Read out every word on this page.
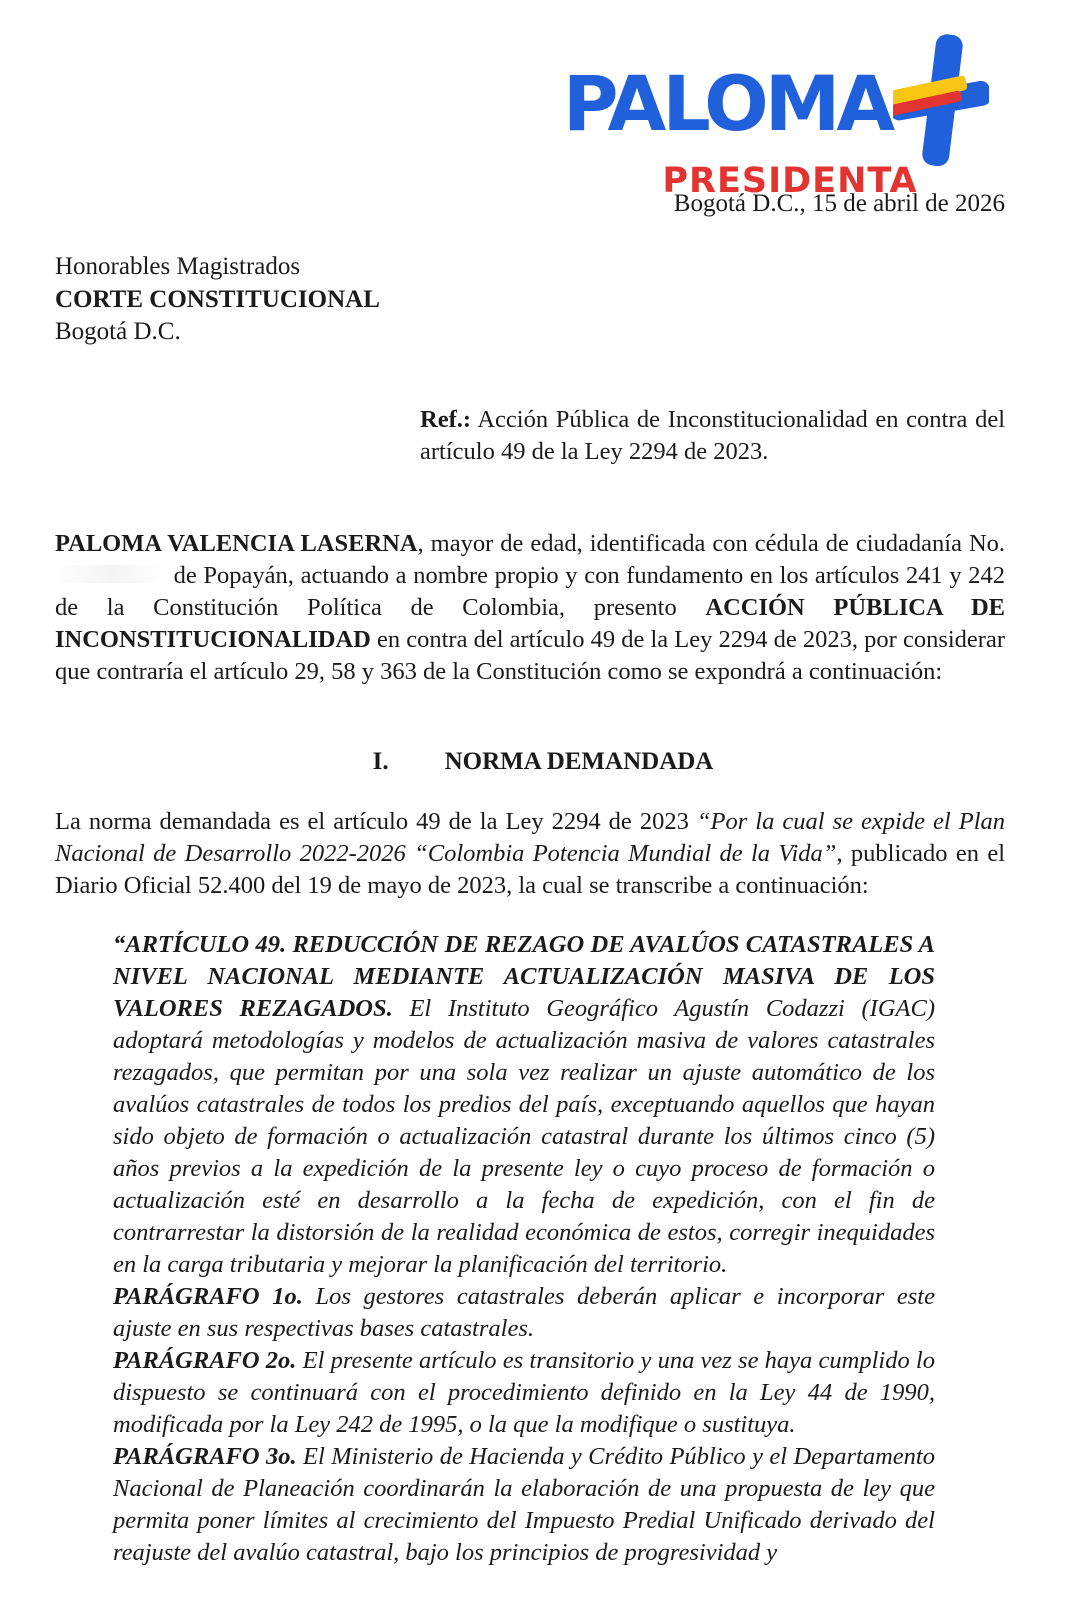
PALOMA
PRESIDENTA
Bogotá D.C., 15 de abril de 2026
Honorables Magistrados
CORTE CONSTITUCIONAL
Bogotá D.C.
Ref.: Acción Pública de Inconstitucionalidad en contra del artículo 49 de la Ley 2294 de 2023.

PALOMA VALENCIA LASERNA, mayor de edad, identificada con cédula de ciudadanía No.  de Popayán, actuando a nombre propio y con fundamento en los artículos 241 y 242 de la Constitución Política de Colombia, presento ACCIÓN PÚBLICA DE INCONSTITUCIONALIDAD en contra del artículo 49 de la Ley 2294 de 2023, por considerar que contraría el artículo 29, 58 y 363 de la Constitución como se expondrá a continuación:

I. NORMA DEMANDADA

La norma demandada es el artículo 49 de la Ley 2294 de 2023 “Por la cual se expide el Plan Nacional de Desarrollo 2022-2026 “Colombia Potencia Mundial de la Vida”, publicado en el Diario Oficial 52.400 del 19 de mayo de 2023, la cual se transcribe a continuación:

“ARTÍCULO 49. REDUCCIÓN DE REZAGO DE AVALÚOS CATASTRALES A NIVEL NACIONAL MEDIANTE ACTUALIZACIÓN MASIVA DE LOS VALORES REZAGADOS. El Instituto Geográfico Agustín Codazzi (IGAC) adoptará metodologías y modelos de actualización masiva de valores catastrales rezagados, que permitan por una sola vez realizar un ajuste automático de los avalúos catastrales de todos los predios del país, exceptuando aquellos que hayan sido objeto de formación o actualización catastral durante los últimos cinco (5) años previos a la expedición de la presente ley o cuyo proceso de formación o actualización esté en desarrollo a la fecha de expedición, con el fin de contrarrestar la distorsión de la realidad económica de estos, corregir inequidades en la carga tributaria y mejorar la planificación del territorio.

PARÁGRAFO 1o. Los gestores catastrales deberán aplicar e incorporar este ajuste en sus respectivas bases catastrales.

PARÁGRAFO 2o. El presente artículo es transitorio y una vez se haya cumplido lo dispuesto se continuará con el procedimiento definido en la Ley 44 de 1990, modificada por la Ley 242 de 1995, o la que la modifique o sustituya.

PARÁGRAFO 3o. El Ministerio de Hacienda y Crédito Público y el Departamento Nacional de Planeación coordinarán la elaboración de una propuesta de ley que permita poner límites al crecimiento del Impuesto Predial Unificado derivado del reajuste del avalúo catastral, bajo los principios de progresividad y
